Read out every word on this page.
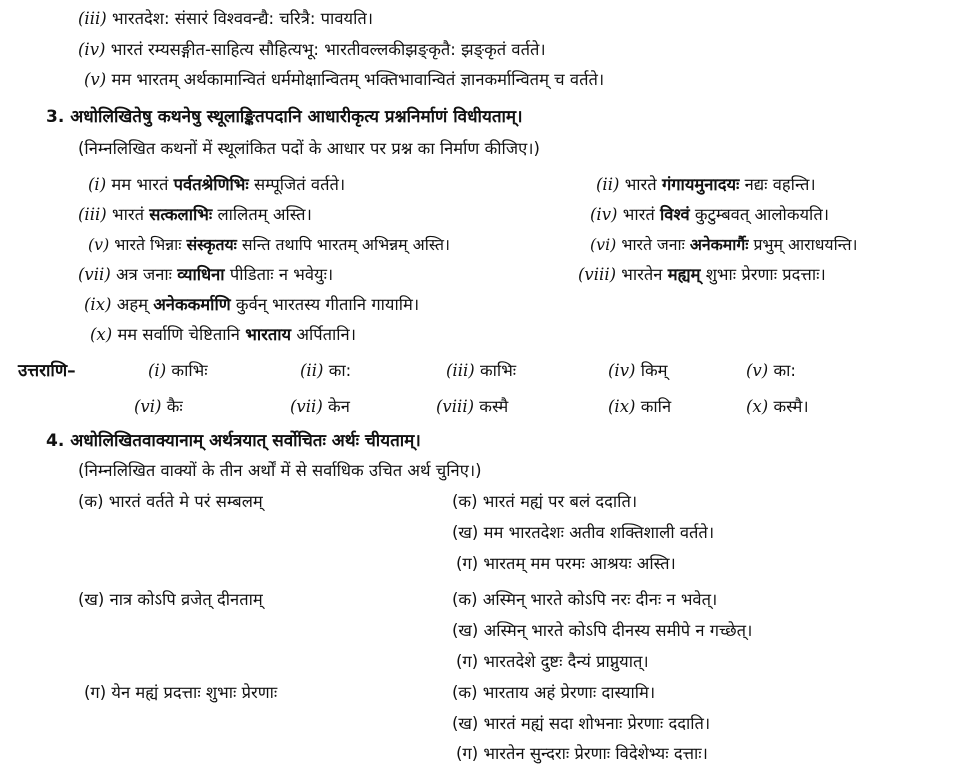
(iii) भारतदेश: संसारं विश्ववन्द्यै: चरित्रै: पावयति।
(iv) भारतं रम्यसङ्गीत-साहित्य सौहित्यभू: भारतीवल्लकीझङ्कृतै: झङ्कृतं वर्तते।
(v) मम भारतम् अर्थकामान्वितं धर्ममोक्षान्वितम् भक्तिभावान्वितं ज्ञानकर्मान्वितम् च वर्तते।
3. अधोलिखितेषु कथनेषु स्थूलाङ्कितपदानि आधारीकृत्य प्रश्ननिर्माणं विधीयताम्।
(निम्नलिखित कथनों में स्थूलांकित पदों के आधार पर प्रश्न का निर्माण कीजिए।)
(i) मम भारतं पर्वतश्रेणिभिः सम्पूजितं वर्तते।	(ii) भारते गंगायमुनादयः नद्यः वहन्ति।
(iii) भारतं सत्कलाभिः लालितम् अस्ति।	(iv) भारतं विश्वं कुटुम्बवत् आलोकयति।
(v) भारते भिन्नाः संस्कृतयः सन्ति तथापि भारतम् अभिन्नम् अस्ति।	(vi) भारते जनाः अनेकमार्गैः प्रभुम् आराधयन्ति।
(vii) अत्र जनाः व्याधिना पीडिताः न भवेयुः।	(viii) भारतेन मह्यम् शुभाः प्रेरणाः प्रदत्ताः।
(ix) अहम् अनेककर्माणि कुर्वन् भारतस्य गीतानि गायामि।
(x) मम सर्वाणि चेष्टितानि भारताय अर्पितानि।
उत्तराणि–	(i) काभिः	(ii) का:	(iii) काभिः	(iv) किम्	(v) का:
(vi) कैः	(vii) केन	(viii) कस्मै	(ix) कानि	(x) कस्मै।
4. अधोलिखितवाक्यानाम् अर्थत्रयात् सर्वोचितः अर्थः चीयताम्।
(निम्नलिखित वाक्यों के तीन अर्थों में से सर्वाधिक उचित अर्थ चुनिए।)
(क) भारतं वर्तते मे परं सम्बलम्	(क) भारतं मह्यं पर बलं ददाति।
(ख) मम भारतदेशः अतीव शक्तिशाली वर्तते।
(ग) भारतम् मम परमः आश्रयः अस्ति।
(ख) नात्र कोऽपि व्रजेत् दीनताम्	(क) अस्मिन् भारते कोऽपि नरः दीनः न भवेत्।
(ख) अस्मिन् भारते कोऽपि दीनस्य समीपे न गच्छेत्।
(ग) भारतदेशे दुष्टः दैन्यं प्राप्नुयात्।
(ग) येन मह्यं प्रदत्ताः शुभाः प्रेरणाः	(क) भारताय अहं प्रेरणाः दास्यामि।
(ख) भारतं मह्यं सदा शोभनाः प्रेरणाः ददाति।
(ग) भारतेन सुन्दराः प्रेरणाः विदेशेभ्यः दत्ताः।
